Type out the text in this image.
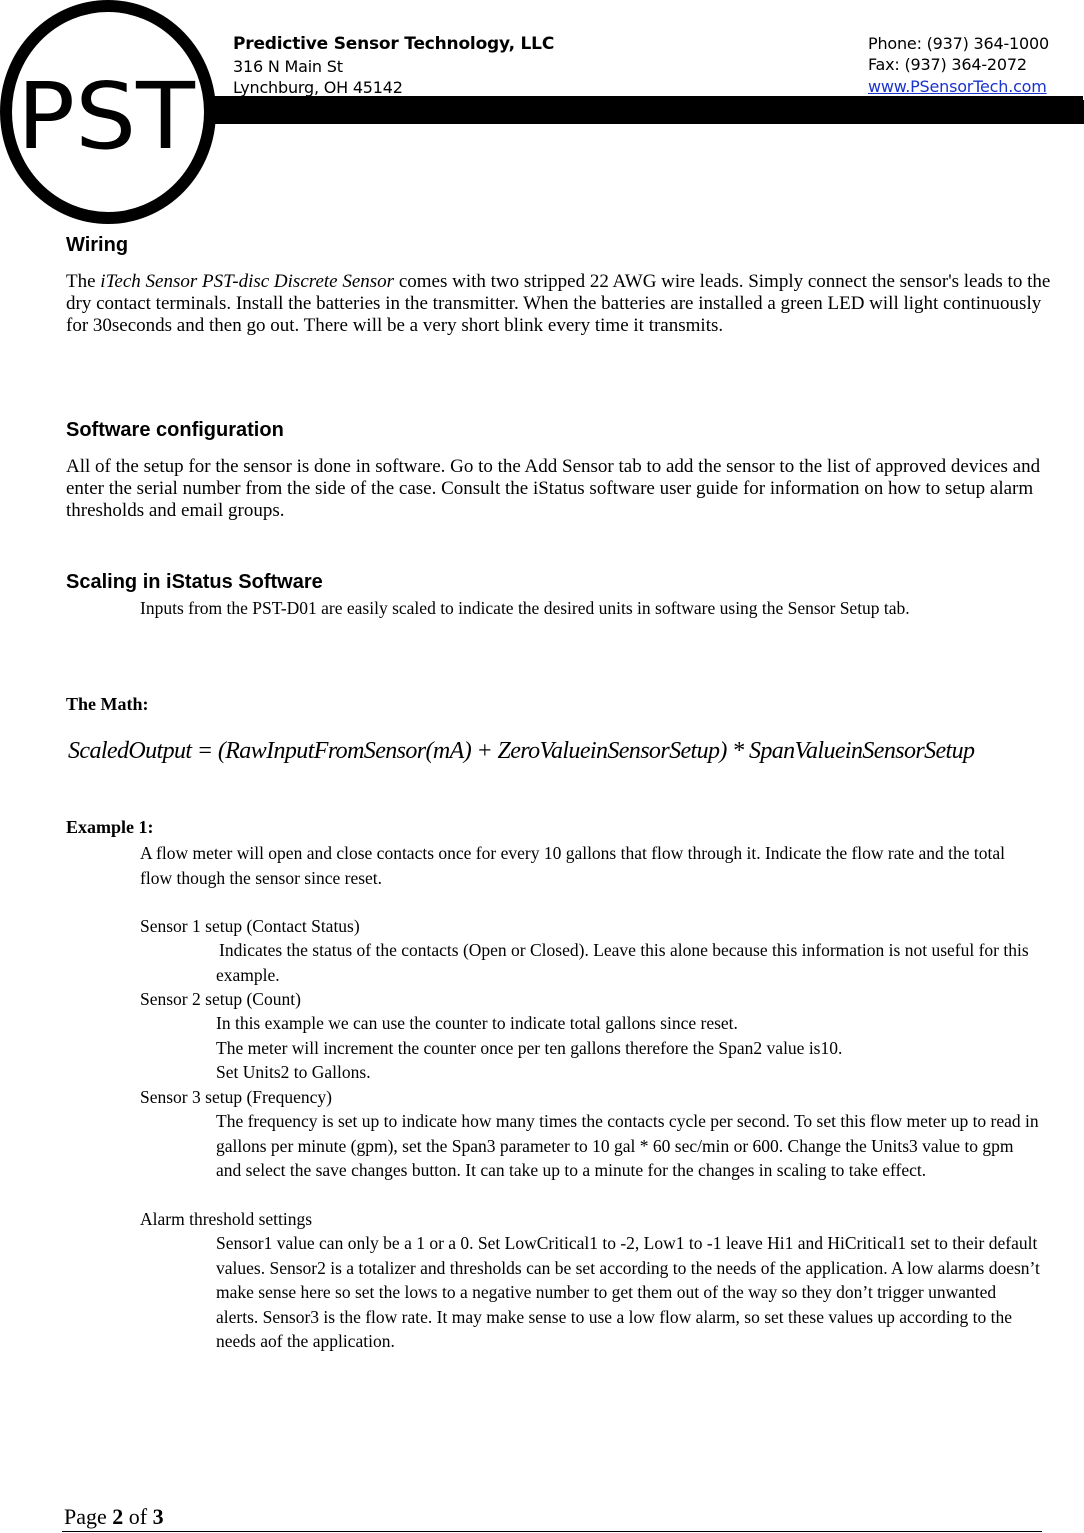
PST
Predictive Sensor Technology, LLC
316 N Main St
Lynchburg, OH 45142
Phone: (937) 364-1000
Fax: (937) 364-2072
www.PSensorTech.com
Wiring
The iTech Sensor PST-disc Discrete Sensor comes with two stripped 22 AWG wire leads. Simply connect the sensor's leads to the dry contact terminals. Install the batteries in the transmitter. When the batteries are installed a green LED will light continuously for 30seconds and then go out. There will be a very short blink every time it transmits.
Software configuration
All of the setup for the sensor is done in software. Go to the Add Sensor tab to add the sensor to the list of approved devices and enter the serial number from the side of the case. Consult the iStatus software user guide for information on how to setup alarm thresholds and email groups.
Scaling in iStatus Software
Inputs from the PST-D01 are easily scaled to indicate the desired units in software using the Sensor Setup tab.
The Math:
ScaledOutput = (RawInputFromSensor(mA) + ZeroValueinSensorSetup) * SpanValueinSensorSetup
Example 1:
A flow meter will open and close contacts once for every 10 gallons that flow through it. Indicate the flow rate and the total flow though the sensor since reset.
Sensor 1 setup (Contact Status)
Indicates the status of the contacts (Open or Closed). Leave this alone because this information is not useful for this example.
Sensor 2 setup (Count)
In this example we can use the counter to indicate total gallons since reset.
The meter will increment the counter once per ten gallons therefore the Span2 value is10.
Set Units2 to Gallons.
Sensor 3 setup (Frequency)
The frequency is set up to indicate how many times the contacts cycle per second. To set this flow meter up to read in gallons per minute (gpm), set the Span3 parameter to 10 gal * 60 sec/min or 600. Change the Units3 value to gpm and select the save changes button. It can take up to a minute for the changes in scaling to take effect.
Alarm threshold settings
Sensor1 value can only be a 1 or a 0. Set LowCritical1 to -2, Low1 to -1 leave Hi1 and HiCritical1 set to their default values. Sensor2 is a totalizer and thresholds can be set according to the needs of the application. A low alarms doesn’t make sense here so set the lows to a negative number to get them out of the way so they don’t trigger unwanted alerts. Sensor3 is the flow rate. It may make sense to use a low flow alarm, so set these values up according to the needs aof the application.
Page 2 of 3
